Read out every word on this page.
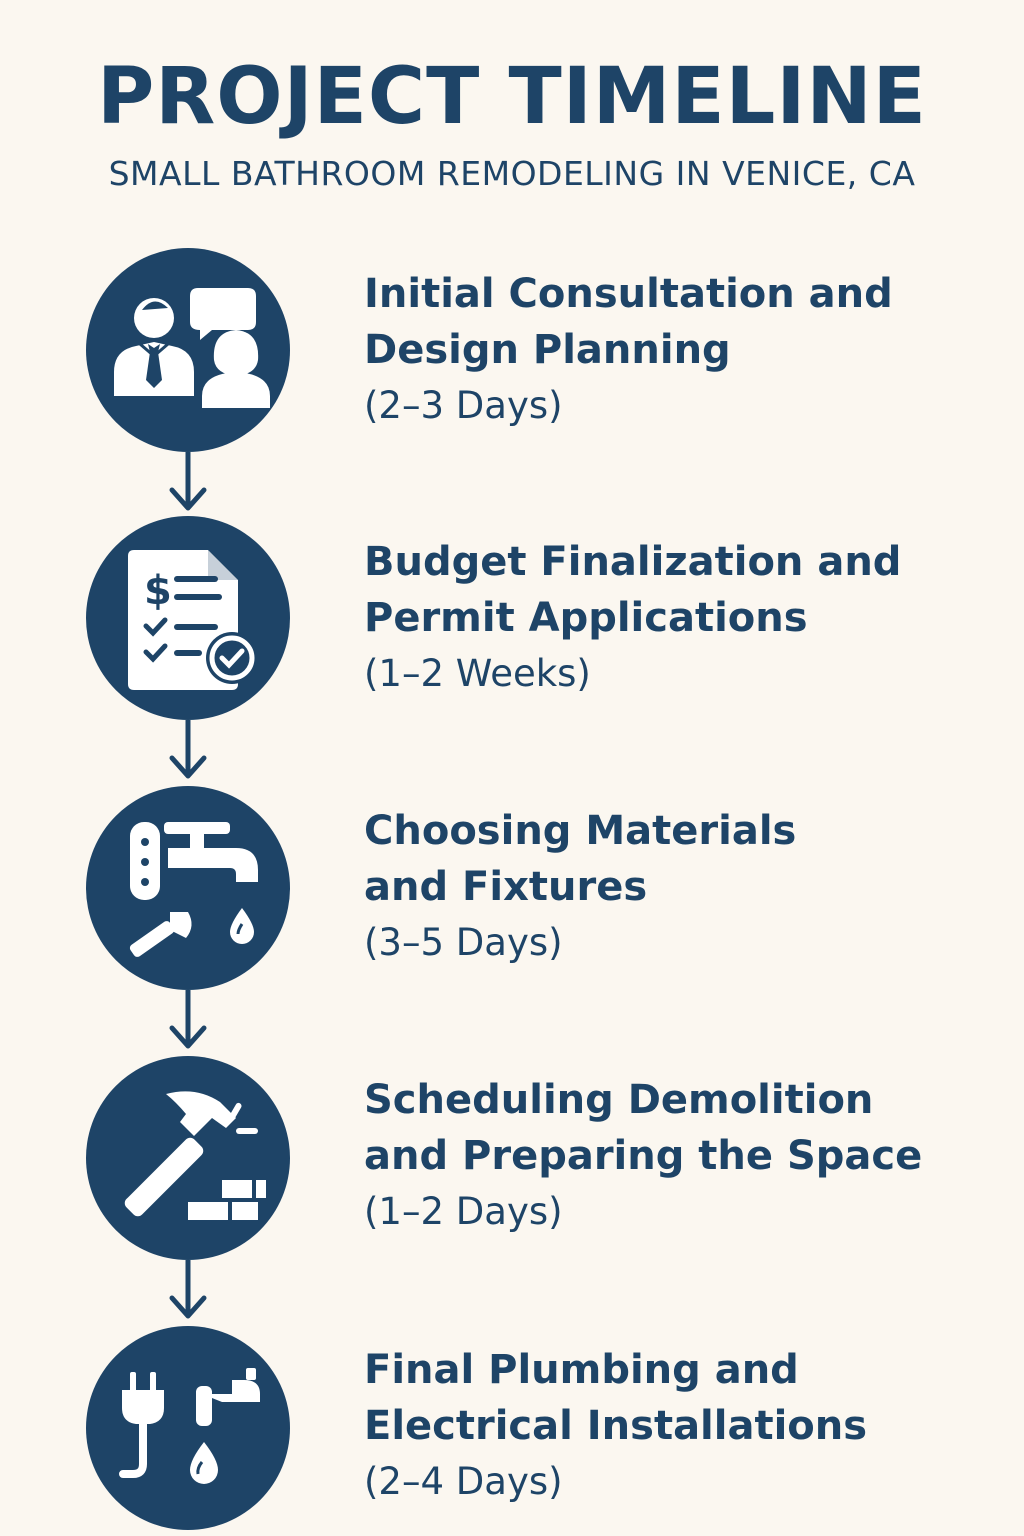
PROJECT TIMELINE
SMALL BATHROOM REMODELING IN VENICE, CA
Initial Consultation and
Design Planning
(2–3 Days)
$
Budget Finalization and
Permit Applications
(1–2 Weeks)
Choosing Materials
and Fixtures
(3–5 Days)
Scheduling Demolition
and Preparing the Space
(1–2 Days)
Final Plumbing and
Electrical Installations
(2–4 Days)
